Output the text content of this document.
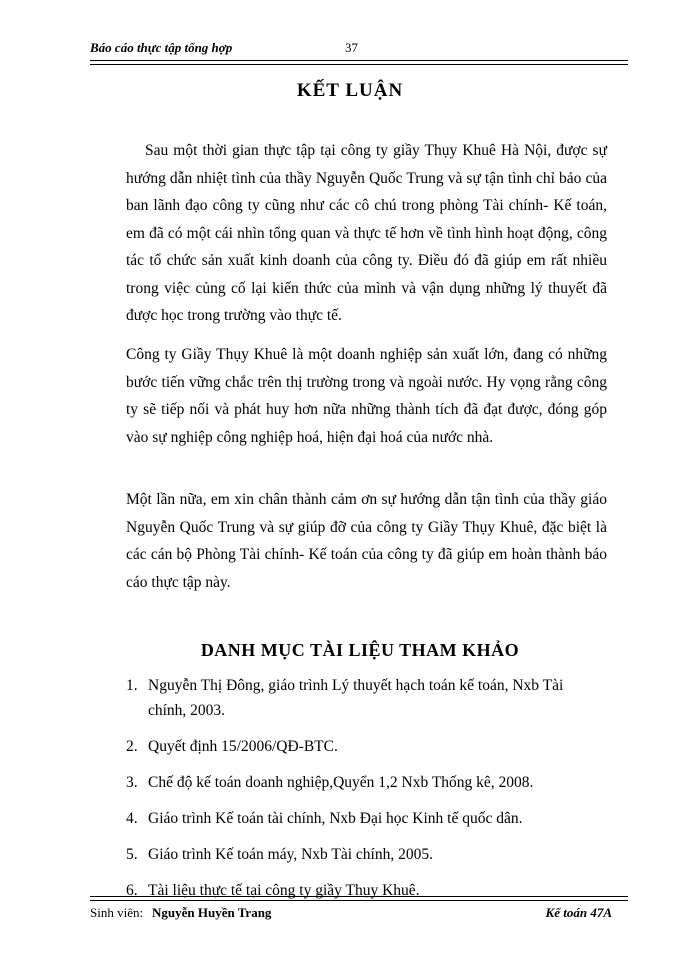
Báo cáo thực tập tổng hợp	37
KẾT LUẬN

Sau một thời gian thực tập tại công ty giầy Thụy Khuê Hà Nội, được sự hướng dẫn nhiệt tình của thầy Nguyễn Quốc Trung và sự tận tình chỉ bảo của ban lãnh đạo công ty cũng như các cô chú trong phòng Tài chính- Kế toán, em đã có một cái nhìn tổng quan và thực tế hơn về tình hình hoạt động, công tác tổ chức sản xuất kinh doanh của công ty. Điều đó đã giúp em rất nhiều trong việc củng cố lại kiến thức của mình và vận dụng những lý thuyết đã được học trong trường vào thực tế.

Công ty Giầy Thụy Khuê là một doanh nghiệp sản xuất lớn, đang có những bước tiến vững chắc trên thị trường trong và ngoài nước. Hy vọng rằng công ty sẽ tiếp nối và phát huy hơn nữa những thành tích đã đạt được, đóng góp vào sự nghiệp công nghiệp hoá, hiện đại hoá của nước nhà.

Một lần nữa, em xin chân thành cảm ơn sự hướng dẫn tận tình của thầy giáo Nguyễn Quốc Trung và sự giúp đỡ của công ty Giầy Thụy Khuê, đặc biệt là các cán bộ Phòng Tài chính- Kế toán của công ty đã giúp em hoàn thành báo cáo thực tập này.

DANH MỤC TÀI LIỆU THAM KHẢO
1. Nguyễn Thị Đông, giáo trình Lý thuyết hạch toán kế toán, Nxb Tài chính, 2003.
2. Quyết định 15/2006/QĐ-BTC.
3. Chế độ kế toán doanh nghiệp,Quyển 1,2 Nxb Thống kê, 2008.
4. Giáo trình Kế toán tài chính, Nxb Đại học Kinh tế quốc dân.
5. Giáo trình Kế toán máy, Nxb Tài chính, 2005.
6. Tài liệu thực tế tại công ty giầy Thụy Khuê.
Sinh viên: Nguyễn Huyền Trang	Kế toán 47A
